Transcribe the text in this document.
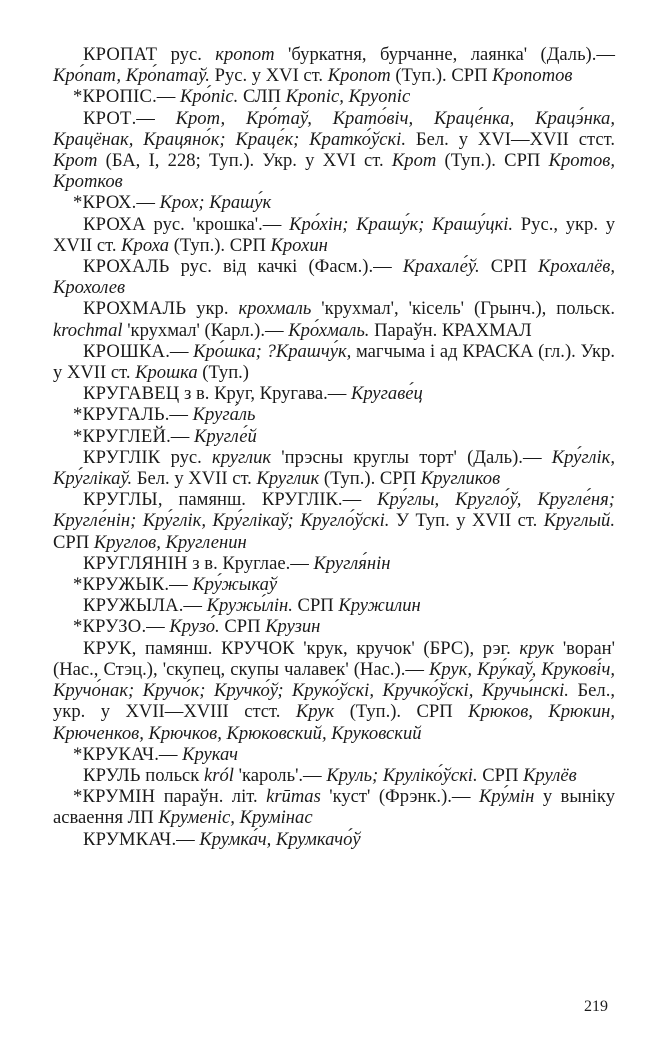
КРОПАТ рус. кропот 'буркатня, бурчанне, лаянка' (Даль).— Кро́пат, Кро́патаў. Рус. у XVI ст. Кропот (Туп.). СРП Кропотов

*КРОПІС.— Кро́піс. СЛП Кропіс, Круопіс

КРОТ.— Крот, Кро́таў, Крато́віч, Краце́нка, Крацэ́нка, Крацёнак, Крацяно́к; Краце́к; Кратко́ўскі. Бел. у XVI—XVII стст. Крот (БА, I, 228; Туп.). Укр. у XVI ст. Крот (Туп.). СРП Кротов, Кротков

*КРОХ.— Крох; Крашу́к

КРОХА рус. 'крошка'.— Кро́хін; Крашу́к; Крашу́цкі. Рус., укр. у XVII ст. Кроха (Туп.). СРП Крохин

КРОХАЛЬ рус. від качкі (Фасм.).— Крахале́ў. СРП Крохалёв, Крохолев

КРОХМАЛЬ укр. крохмаль 'крухмал', 'кісель' (Грынч.), польск. krochmal 'крухмал' (Карл.).— Кро́хмаль. Параўн. КРАХМАЛ

КРОШКА.— Кро́шка; ?Крашчу́к, магчыма і ад КРАСКА (гл.). Укр. у XVII ст. Крошка (Туп.)

КРУГАВЕЦ з в. Круг, Кругава.— Кругаве́ц

*КРУГАЛЬ.— Круга́ль

*КРУГЛЕЙ.— Кругле́й

КРУГЛІК рус. круглик 'прэсны круглы торт' (Даль).— Кру́глік, Кру́глікаў. Бел. у XVII ст. Круглик (Туп.). СРП Кругликов

КРУГЛЫ, памянш. КРУГЛІК.— Кру́глы, Кругло́ў, Кругле́ня; Кругле́нін; Кру́глік, Кру́глікаў; Кругло́ўскі. У Туп. у XVII ст. Круглый. СРП Круглов, Кругленин

КРУГЛЯНІН з в. Круглае.— Кругля́нін

*КРУЖЫК.— Кру́жыкаў

КРУЖЫЛА.— Кружы́лін. СРП Кружилин

*КРУЗО.— Крузо́. СРП Крузин

КРУК, памянш. КРУЧОК 'крук, кручок' (БРС), рэг. крук 'воран' (Нас., Стэц.), 'скупец, скупы чалавек' (Нас.).— Крук, Кру́каў, Крукові́ч, Кручо́нак; Кручо́к; Кручко́ў; Круко́ўскі, Кручко́ўскі, Кручы́нскі. Бел., укр. у XVII—XVIII стст. Крук (Туп.). СРП Крюков, Крюкин, Крюченков, Крючков, Крюковский, Круковский

*КРУКАЧ.— Крукач

КРУЛЬ польск król 'кароль'.— Круль; Круліко́ўскі. СРП Крулёв

*КРУМІН параўн. літ. krūmas 'куст' (Фрэнк.).— Кру́мін у выніку асваення ЛП Круменіс, Крумінас

КРУМКАЧ.— Крумка́ч, Крумкачо́ў

219
